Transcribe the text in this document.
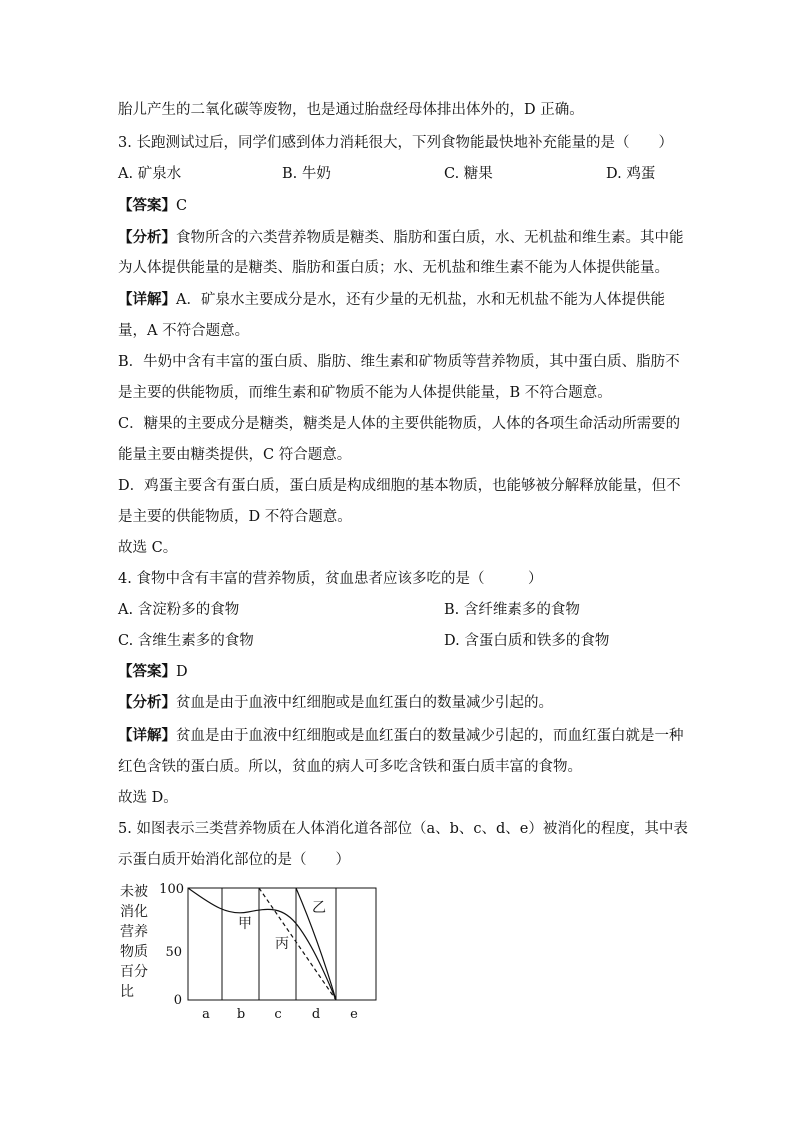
胎儿产生的二氧化碳等废物，也是通过胎盘经母体排出体外的，D 正确。
3. 长跑测试过后，同学们感到体力消耗很大，下列食物能最快地补充能量的是（　　）
A. 矿泉水	B. 牛奶	C. 糖果	D. 鸡蛋
【答案】C
【分析】食物所含的六类营养物质是糖类、脂肪和蛋白质，水、无机盐和维生素。其中能
为人体提供能量的是糖类、脂肪和蛋白质；水、无机盐和维生素不能为人体提供能量。
【详解】A．矿泉水主要成分是水，还有少量的无机盐，水和无机盐不能为人体提供能
量，A 不符合题意。
B．牛奶中含有丰富的蛋白质、脂肪、维生素和矿物质等营养物质，其中蛋白质、脂肪不
是主要的供能物质，而维生素和矿物质不能为人体提供能量，B 不符合题意。
C．糖果的主要成分是糖类，糖类是人体的主要供能物质，人体的各项生命活动所需要的
能量主要由糖类提供，C 符合题意。
D．鸡蛋主要含有蛋白质，蛋白质是构成细胞的基本物质，也能够被分解释放能量，但不
是主要的供能物质，D 不符合题意。
故选 C。
4. 食物中含有丰富的营养物质，贫血患者应该多吃的是（　　　）
A. 含淀粉多的食物	B. 含纤维素多的食物
C. 含维生素多的食物	D. 含蛋白质和铁多的食物
【答案】D
【分析】贫血是由于血液中红细胞或是血红蛋白的数量减少引起的。
【详解】贫血是由于血液中红细胞或是血红蛋白的数量减少引起的，而血红蛋白就是一种
红色含铁的蛋白质。所以，贫血的病人可多吃含铁和蛋白质丰富的食物。
故选 D。
5. 如图表示三类营养物质在人体消化道各部位（a、b、c、d、e）被消化的程度，其中表
示蛋白质开始消化部位的是（　　）
未被
消化
营养
物质
百分
比
100
50
0
甲
乙
丙
a b c d e
